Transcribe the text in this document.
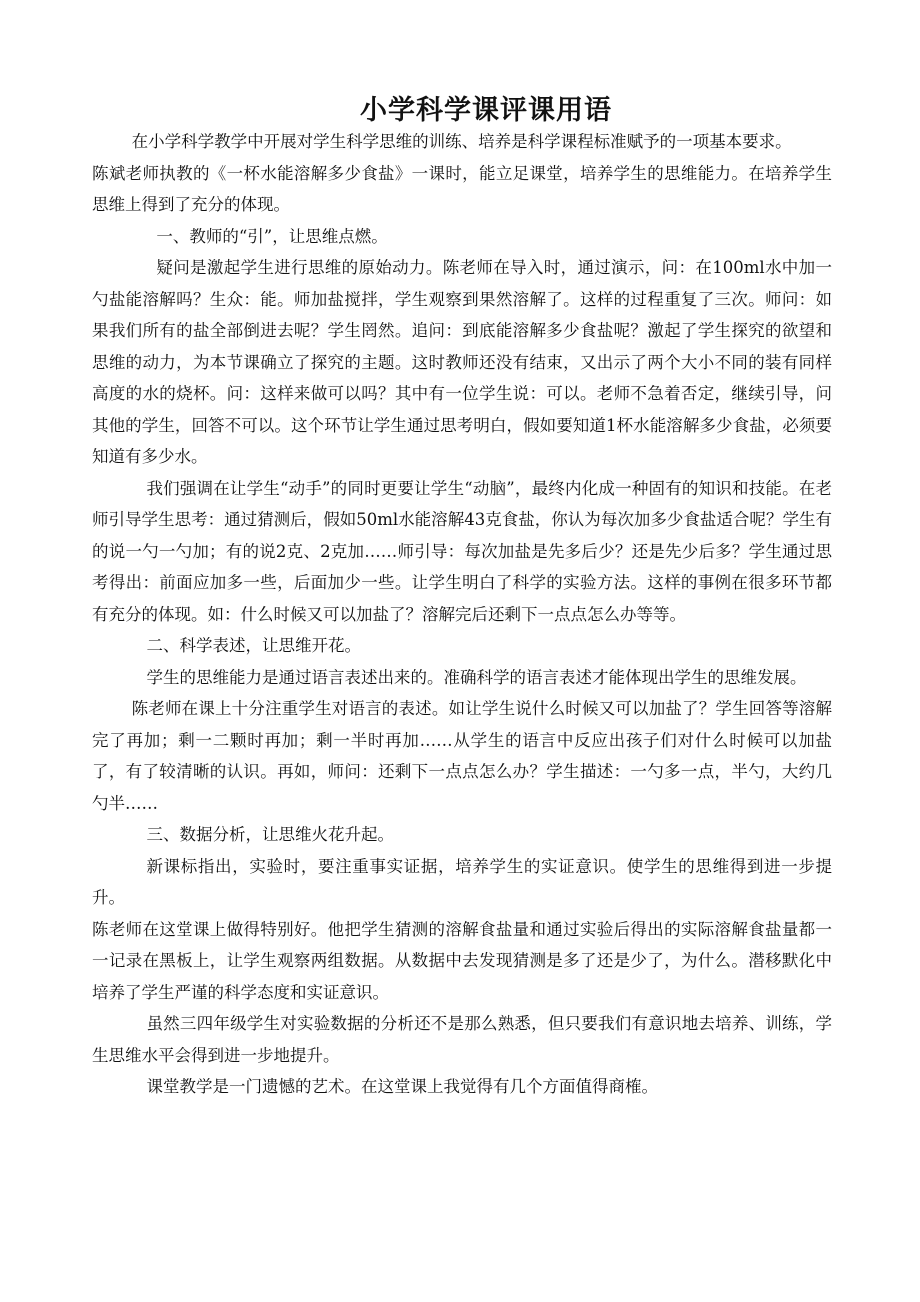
小学科学课评课用语

在小学科学教学中开展对学生科学思维的训练、培养是科学课程标准赋予的一项基本要求。

陈斌老师执教的《一杯水能溶解多少食盐》一课时，能立足课堂，培养学生的思维能力。在培养学生思维上得到了充分的体现。

一、教师的“引”，让思维点燃。

疑问是激起学生进行思维的原始动力。陈老师在导入时，通过演示，问：在100ml水中加一勺盐能溶解吗？生众：能。师加盐搅拌，学生观察到果然溶解了。这样的过程重复了三次。师问：如果我们所有的盐全部倒进去呢？学生罔然。追问：到底能溶解多少食盐呢？激起了学生探究的欲望和思维的动力，为本节课确立了探究的主题。这时教师还没有结束，又出示了两个大小不同的装有同样高度的水的烧杯。问：这样来做可以吗？其中有一位学生说：可以。老师不急着否定，继续引导，问其他的学生，回答不可以。这个环节让学生通过思考明白，假如要知道1杯水能溶解多少食盐，必须要知道有多少水。

我们强调在让学生“动手”的同时更要让学生“动脑”，最终内化成一种固有的知识和技能。在老师引导学生思考：通过猜测后，假如50ml水能溶解43克食盐，你认为每次加多少食盐适合呢？学生有的说一勺一勺加；有的说2克、2克加……师引导：每次加盐是先多后少？还是先少后多？学生通过思考得出：前面应加多一些，后面加少一些。让学生明白了科学的实验方法。这样的事例在很多环节都有充分的体现。如：什么时候又可以加盐了？溶解完后还剩下一点点怎么办等等。

二、科学表述，让思维开花。

学生的思维能力是通过语言表述出来的。准确科学的语言表述才能体现出学生的思维发展。

陈老师在课上十分注重学生对语言的表述。如让学生说什么时候又可以加盐了？学生回答等溶解完了再加；剩一二颗时再加；剩一半时再加……从学生的语言中反应出孩子们对什么时候可以加盐了，有了较清晰的认识。再如，师问：还剩下一点点怎么办？学生描述：一勺多一点，半勺，大约几勺半……

三、数据分析，让思维火花升起。

新课标指出，实验时，要注重事实证据，培养学生的实证意识。使学生的思维得到进一步提升。

陈老师在这堂课上做得特别好。他把学生猜测的溶解食盐量和通过实验后得出的实际溶解食盐量都一一记录在黑板上，让学生观察两组数据。从数据中去发现猜测是多了还是少了，为什么。潜移默化中培养了学生严谨的科学态度和实证意识。

虽然三四年级学生对实验数据的分析还不是那么熟悉，但只要我们有意识地去培养、训练，学生思维水平会得到进一步地提升。

课堂教学是一门遗憾的艺术。在这堂课上我觉得有几个方面值得商榷。
